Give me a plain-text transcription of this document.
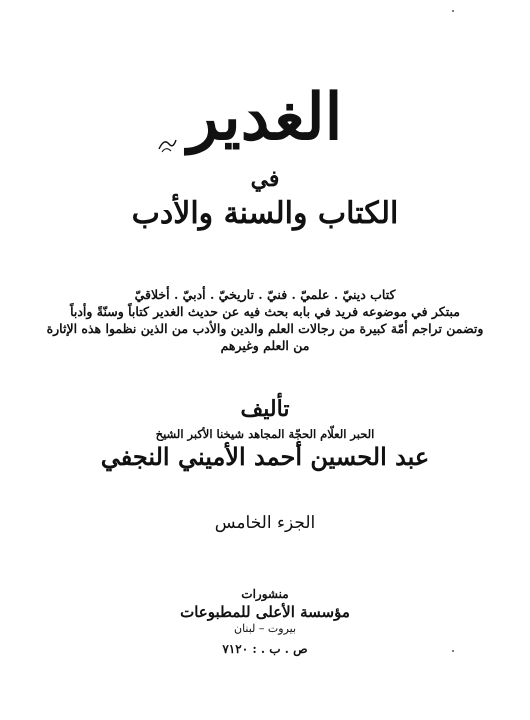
الغدير
في
الكتاب والسنة والأدب
كتاب دينيّ . علميّ . فنيّ . تاريخيّ . أدبيّ . أخلاقيّ
مبتكر في موضوعه فريد في بابه بحث فيه عن حديث الغدير كتاباً وسنّةً وأدباً
وتضمن تراجم أمّة كبيرة من رجالات العلم والدين والأدب من الذين نظموا هذه الإثارة
من العلم وغيرهم
تأليف
الحبر العلّام الحجّة المجاهد شيخنا الأكبر الشيخ
عبد الحسين أحمد الأميني النجفي
الجزء الخامس
منشورات
مؤسسة الأعلى للمطبوعات
بيروت – لبنان
ص . ب . : ٧١٢٠
